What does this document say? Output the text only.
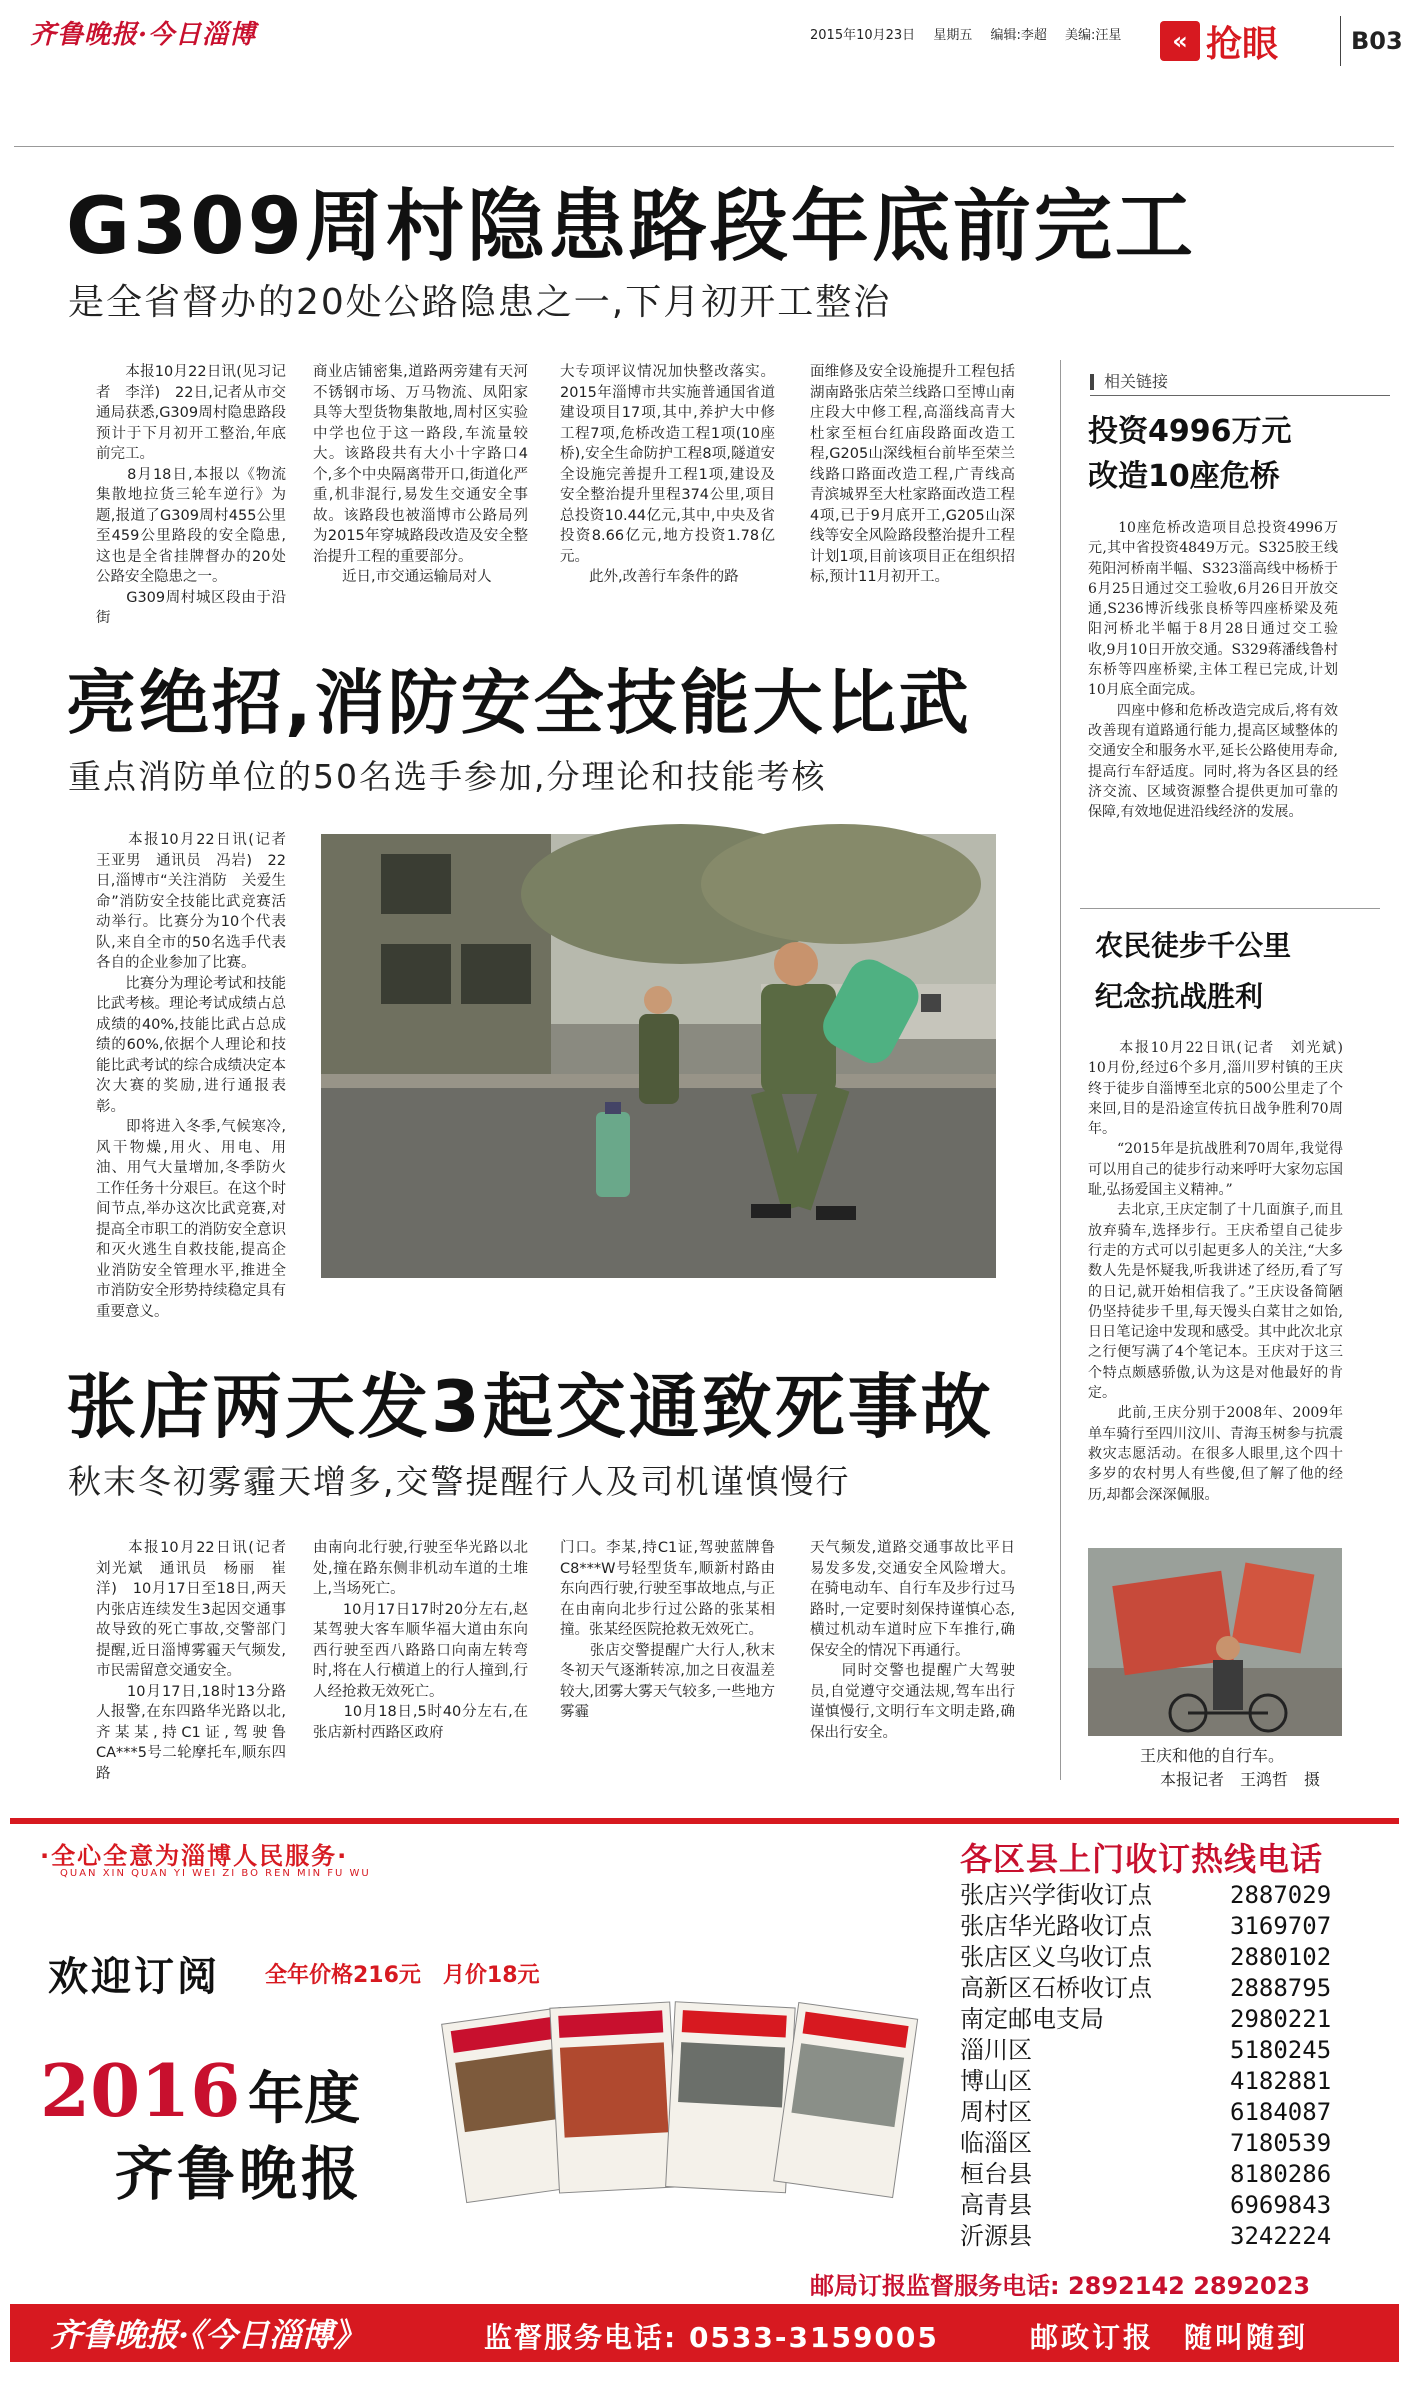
齐鲁晚报·今日淄博	2015年10月23日 星期五 编辑:李超 美编:汪星	« 抢眼	B03
G309周村隐患路段年底前完工
是全省督办的20处公路隐患之一,下月初开工整治
　　本报10月22日讯(见习记者　李洋)　22日,记者从市交通局获悉,G309周村隐患路段预计于下月初开工整治,年底前完工。
　　8月18日,本报以《物流集散地拉货三轮车逆行》为题,报道了G309周村455公里至459公里路段的安全隐患,这也是全省挂牌督办的20处公路安全隐患之一。
　　G309周村城区段由于沿街
商业店铺密集,道路两旁建有天河不锈钢市场、万马物流、凤阳家具等大型货物集散地,周村区实验中学也位于这一路段,车流量较大。该路段共有大小十字路口4个,多个中央隔离带开口,街道化严重,机非混行,易发生交通安全事故。该路段也被淄博市公路局列为2015年穿城路段改造及安全整治提升工程的重要部分。
　　近日,市交通运输局对人
大专项评议情况加快整改落实。2015年淄博市共实施普通国省道建设项目17项,其中,养护大中修工程7项,危桥改造工程1项(10座桥),安全生命防护工程8项,隧道安全设施完善提升工程1项,建设及安全整治提升里程374公里,项目总投资10.44亿元,其中,中央及省投资8.66亿元,地方投资1.78亿元。
　　此外,改善行车条件的路
面维修及安全设施提升工程包括湖南路张店荣兰线路口至博山南庄段大中修工程,高淄线高青大杜家至桓台红庙段路面改造工程,G205山深线桓台前毕至荣兰线路口路面改造工程,广青线高青滨城界至大杜家路面改造工程4项,已于9月底开工,G205山深线等安全风险路段整治提升工程计划1项,目前该项目正在组织招标,预计11月初开工。
亮绝招,消防安全技能大比武
重点消防单位的50名选手参加,分理论和技能考核
　　本报10月22日讯(记者　王亚男　通讯员　冯岩)　22日,淄博市“关注消防　关爱生命”消防安全技能比武竞赛活动举行。比赛分为10个代表队,来自全市的50名选手代表各自的企业参加了比赛。
　　比赛分为理论考试和技能比武考核。理论考试成绩占总成绩的40%,技能比武占总成绩的60%,依据个人理论和技能比武考试的综合成绩决定本次大赛的奖励,进行通报表彰。
　　即将进入冬季,气候寒冷,风干物燥,用火、用电、用油、用气大量增加,冬季防火工作任务十分艰巨。在这个时间节点,举办这次比武竞赛,对提高全市职工的消防安全意识和灭火逃生自救技能,提高企业消防安全管理水平,推进全市消防安全形势持续稳定具有重要意义。
张店两天发3起交通致死事故
秋末冬初雾霾天增多,交警提醒行人及司机谨慎慢行
　　本报10月22日讯(记者　刘光斌　通讯员　杨丽　崔洋)　10月17日至18日,两天内张店连续发生3起因交通事故导致的死亡事故,交警部门提醒,近日淄博雾霾天气频发,市民需留意交通安全。
　　10月17日,18时13分路人报警,在东四路华光路以北,齐某某,持C1证,驾驶鲁CA***5号二轮摩托车,顺东四路
由南向北行驶,行驶至华光路以北处,撞在路东侧非机动车道的土堆上,当场死亡。
　　10月17日17时20分左右,赵某驾驶大客车顺华福大道由东向西行驶至西八路路口向南左转弯时,将在人行横道上的行人撞到,行人经抢救无效死亡。
　　10月18日,5时40分左右,在张店新村西路区政府
门口。李某,持C1证,驾驶蓝牌鲁C8***W号轻型货车,顺新村路由东向西行驶,行驶至事故地点,与正在由南向北步行过公路的张某相撞。张某经医院抢救无效死亡。
　　张店交警提醒广大行人,秋末冬初天气逐渐转凉,加之日夜温差较大,团雾大雾天气较多,一些地方雾霾
天气频发,道路交通事故比平日易发多发,交通安全风险增大。在骑电动车、自行车及步行过马路时,一定要时刻保持谨慎心态,横过机动车道时应下车推行,确保安全的情况下再通行。
　　同时交警也提醒广大驾驶员,自觉遵守交通法规,驾车出行谨慎慢行,文明行车文明走路,确保出行安全。
相关链接
投资4996万元
改造10座危桥
　　10座危桥改造项目总投资4996万元,其中省投资4849万元。S325胶王线苑阳河桥南半幅、S323淄高线中杨桥于6月25日通过交工验收,6月26日开放交通,S236博沂线张良桥等四座桥梁及苑阳河桥北半幅于8月28日通过交工验收,9月10日开放交通。S329蒋潘线鲁村东桥等四座桥梁,主体工程已完成,计划10月底全面完成。
　　四座中修和危桥改造完成后,将有效改善现有道路通行能力,提高区域整体的交通安全和服务水平,延长公路使用寿命,提高行车舒适度。同时,将为各区县的经济交流、区域资源整合提供更加可靠的保障,有效地促进沿线经济的发展。
农民徒步千公里
纪念抗战胜利
　　本报10月22日讯(记者　刘光斌)　10月份,经过6个多月,淄川罗村镇的王庆终于徒步自淄博至北京的500公里走了个来回,目的是沿途宣传抗日战争胜利70周年。
　　“2015年是抗战胜利70周年,我觉得可以用自己的徒步行动来呼吁大家勿忘国耻,弘扬爱国主义精神。”
　　去北京,王庆定制了十几面旗子,而且放弃骑车,选择步行。王庆希望自己徒步行走的方式可以引起更多人的关注,“大多数人先是怀疑我,听我讲述了经历,看了写的日记,就开始相信我了。”王庆设备简陋仍坚持徒步千里,每天馒头白菜甘之如饴,日日笔记途中发现和感受。其中此次北京之行便写满了4个笔记本。王庆对于这三个特点颇感骄傲,认为这是对他最好的肯定。
　　此前,王庆分别于2008年、2009年单车骑行至四川汶川、青海玉树参与抗震救灾志愿活动。在很多人眼里,这个四十多岁的农村男人有些傻,但了解了他的经历,却都会深深佩服。
王庆和他的自行车。
本报记者　王鸿哲　摄
·全心全意为淄博人民服务·
QUAN XIN QUAN YI WEI ZI BO REN MIN FU WU
欢迎订阅 全年价格216元　月价18元
2016 年度
齐鲁晚报
各区县上门收订热线电话
张店兴学街收订点	2887029
张店华光路收订点	3169707
张店区义乌收订点	2880102
高新区石桥收订点	2888795
南定邮电支局	2980221
淄川区	5180245
博山区	4182881
周村区	6184087
临淄区	7180539
桓台县	8180286
高青县	6969843
沂源县	3242224
邮局订报监督服务电话: 2892142 2892023
齐鲁晚报·《今日淄博》	监督服务电话: 0533-3159005	邮政订报 随叫随到
